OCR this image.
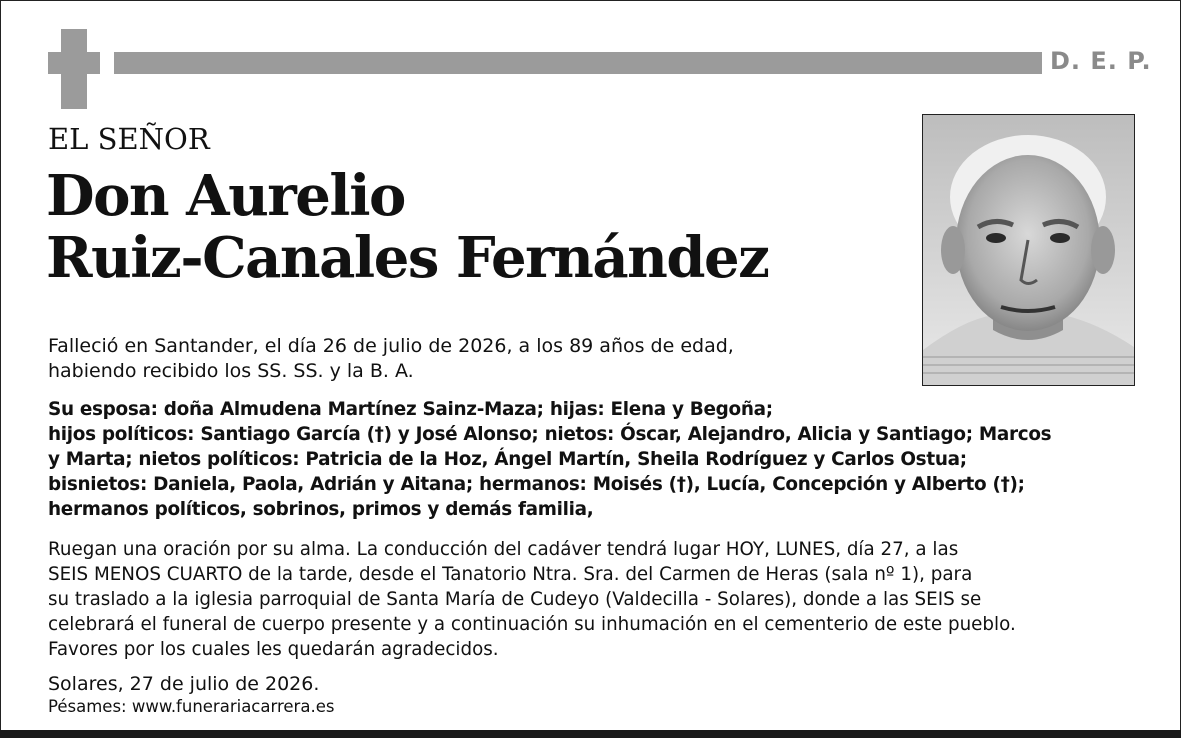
D. E. P.
EL SEÑOR
Don Aurelio
Ruiz-Canales Fernández
Falleció en Santander, el día 26 de julio de 2026, a los 89 años de edad,
habiendo recibido los SS. SS. y la B. A.
Su esposa: doña Almudena Martínez Sainz-Maza; hijas: Elena y Begoña;
hijos políticos: Santiago García (†) y José Alonso; nietos: Óscar, Alejandro, Alicia y Santiago; Marcos
y Marta; nietos políticos: Patricia de la Hoz, Ángel Martín, Sheila Rodríguez y Carlos Ostua;
bisnietos: Daniela, Paola, Adrián y Aitana; hermanos: Moisés (†), Lucía, Concepción y Alberto (†);
hermanos políticos, sobrinos, primos y demás familia,
Ruegan una oración por su alma. La conducción del cadáver tendrá lugar HOY, LUNES, día 27, a las
SEIS MENOS CUARTO de la tarde, desde el Tanatorio Ntra. Sra. del Carmen de Heras (sala nº 1), para
su traslado a la iglesia parroquial de Santa María de Cudeyo (Valdecilla - Solares), donde a las SEIS se
celebrará el funeral de cuerpo presente y a continuación su inhumación en el cementerio de este pueblo.
Favores por los cuales les quedarán agradecidos.
Solares, 27 de julio de 2026.
Pésames: www.funerariacarrera.es
